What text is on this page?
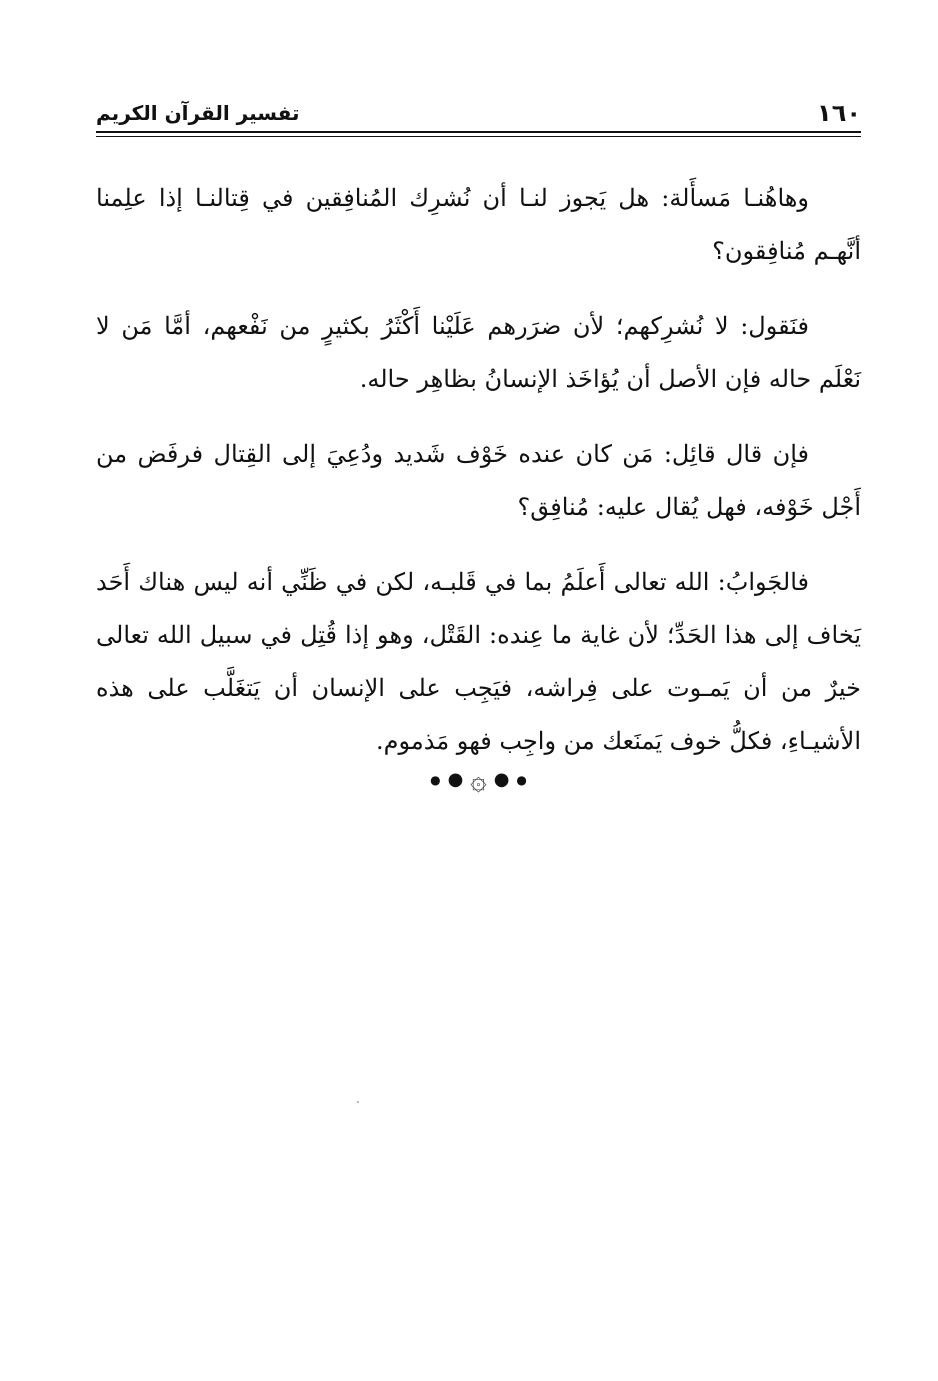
١٦٠
تفسير القرآن الكريم

وهاهُنـا مَسأَلة: هل يَجوز لنـا أن نُشرِك المُنافِقين في قِتالنـا إذا علِمنا أنَّهـم مُنافِقون؟

فنَقول: لا نُشرِكهم؛ لأن ضرَرهم عَلَيْنا أَكْثَرُ بكثيرٍ من نَفْعهم، أمَّا مَن لا نَعْلَم حاله فإن الأصل أن يُؤاخَذ الإنسانُ بظاهِر حاله.

فإن قال قائِل: مَن كان عنده خَوْف شَديد ودُعِيَ إلى القِتال فرفَض من أَجْل خَوْفه، فهل يُقال عليه: مُنافِق؟

فالجَوابُ: الله تعالى أَعلَمُ بما في قَلبـه، لكن في ظَنِّي أنه ليس هناك أَحَد يَخاف إلى هذا الحَدِّ؛ لأن غاية ما عِنده: القَتْل، وهو إذا قُتِل في سبيل الله تعالى خيرٌ من أن يَمـوت على فِراشه، فيَجِب على الإنسان أن يَتغَلَّب على هذه الأشيـاءِ، فكلُّ خوف يَمنَعك من واجِب فهو مَذموم.

● ● ۞ ● ●
